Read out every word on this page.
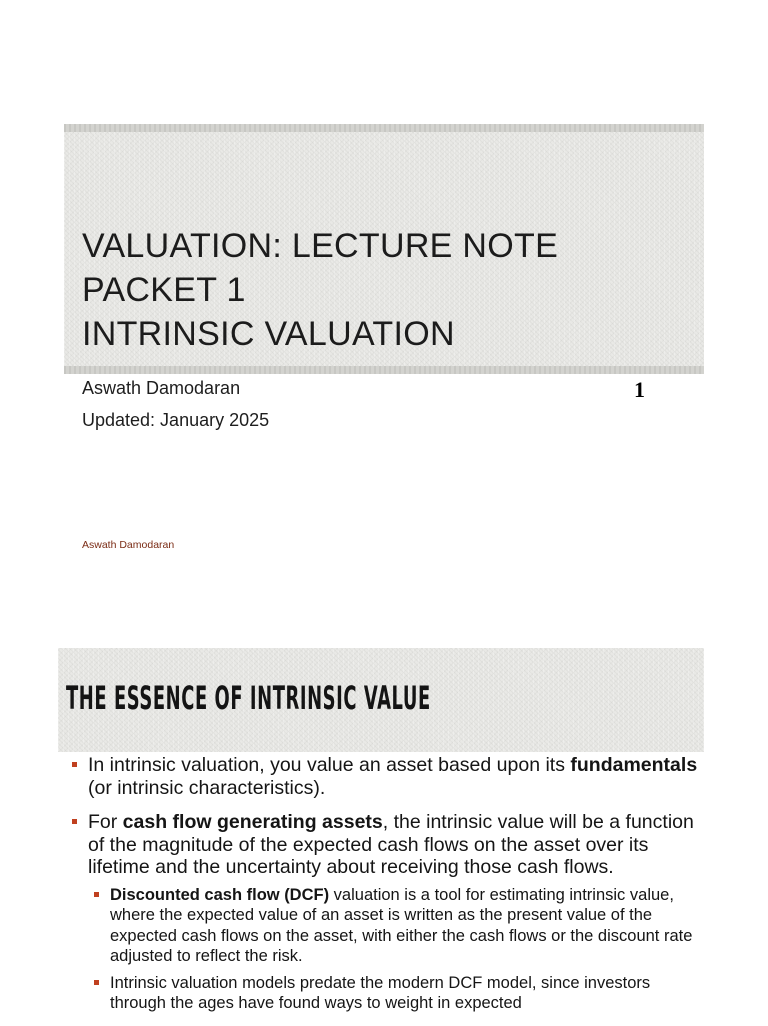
VALUATION: LECTURE NOTE
PACKET 1
INTRINSIC VALUATION
Aswath Damodaran
Updated: January 2025
1
Aswath Damodaran
THE ESSENCE OF INTRINSIC VALUE
In intrinsic valuation, you value an asset based upon its fundamentals (or intrinsic characteristics).
For cash flow generating assets, the intrinsic value will be a function of the magnitude of the expected cash flows on the asset over its lifetime and the uncertainty about receiving those cash flows.
Discounted cash flow (DCF) valuation is a tool for estimating intrinsic value, where the expected value of an asset is written as the present value of the expected cash flows on the asset, with either the cash flows or the discount rate adjusted to reflect the risk.
Intrinsic valuation models predate the modern DCF model, since investors through the ages have found ways to weight in expected
